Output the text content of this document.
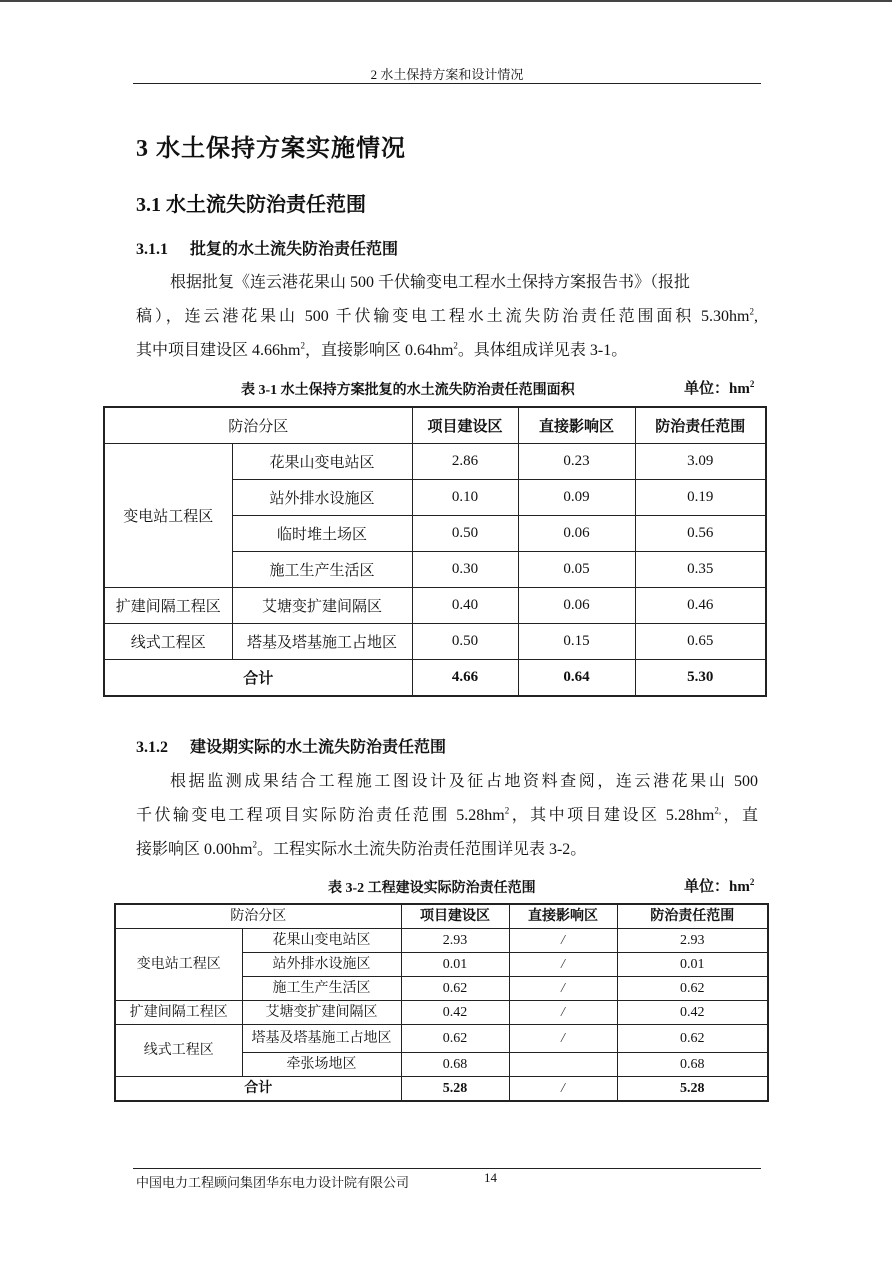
2 水土保持方案和设计情况
3 水土保持方案实施情况
3.1 水土流失防治责任范围
3.1.1 批复的水土流失防治责任范围
根据批复《连云港花果山 500 千伏输变电工程水土保持方案报告书》（报批
稿），连云港花果山 500 千伏输变电工程水土流失防治责任范围面积 $5.30hm^2$,
其中项目建设区 $4.66hm^2$，直接影响区 $0.64hm^2$。具体组成详见表 3-1。
表 3-1 水土保持方案批复的水土流失防治责任范围面积	单位：$hm^2$
防治分区		项目建设区	直接影响区	防治责任范围
变电站工程区	花果山变电站区	2.86	0.23	3.09
	站外排水设施区	0.10	0.09	0.19
	临时堆土场区	0.50	0.06	0.56
	施工生产生活区	0.30	0.05	0.35
扩建间隔工程区	艾塘变扩建间隔区	0.40	0.06	0.46
线式工程区	塔基及塔基施工占地区	0.50	0.15	0.65
合计		4.66	0.64	5.30
3.1.2 建设期实际的水土流失防治责任范围
根据监测成果结合工程施工图设计及征占地资料查阅，连云港花果山 500
千伏输变电工程项目实际防治责任范围 $5.28hm^2$，其中项目建设区 $5.28hm^{2,}$，直
接影响区 $0.00hm^2$。工程实际水土流失防治责任范围详见表 3-2。
表 3-2 工程建设实际防治责任范围	单位：$hm^2$
防治分区		项目建设区	直接影响区	防治责任范围
变电站工程区	花果山变电站区	2.93	/	2.93
	站外排水设施区	0.01	/	0.01
	施工生产生活区	0.62	/	0.62
扩建间隔工程区	艾塘变扩建间隔区	0.42	/	0.42
线式工程区	塔基及塔基施工占地区	0.62	/	0.62
	牵张场地区	0.68		0.68
合计		5.28	/	5.28
中国电力工程顾问集团华东电力设计院有限公司	14
